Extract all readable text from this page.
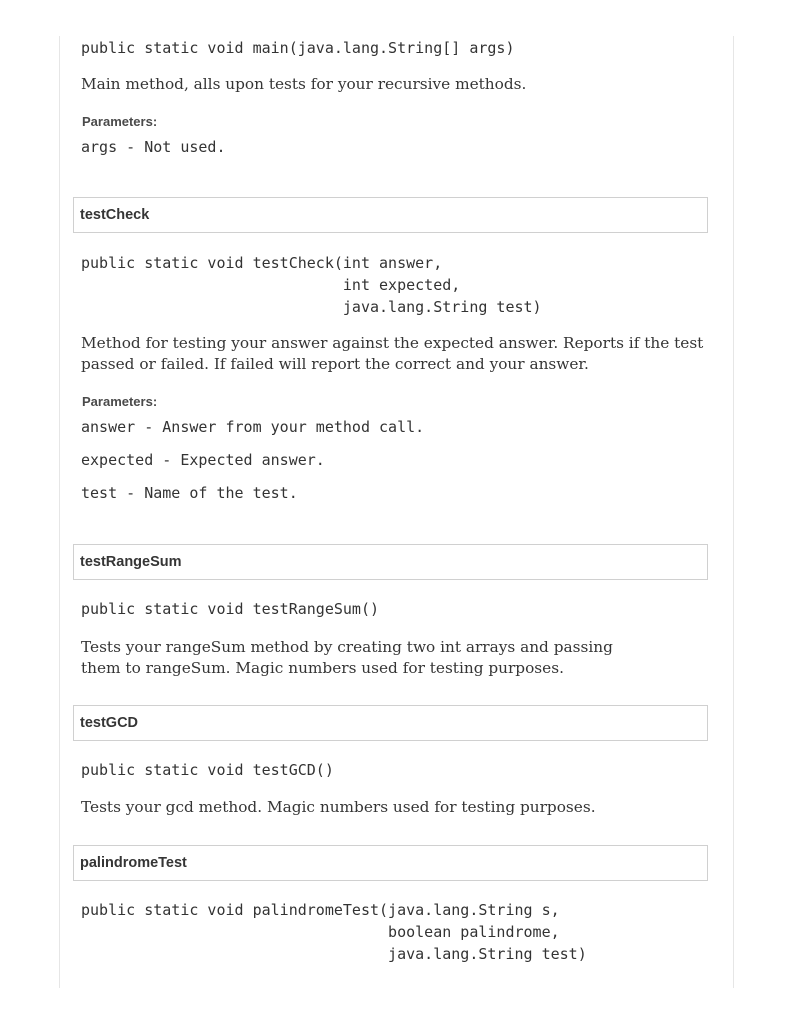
public static void main(java.lang.String[] args)

Main method, alls upon tests for your recursive methods.

Parameters:

args - Not used.
testCheck
public static void testCheck(int answer,
int expected,
java.lang.String test)

Method for testing your answer against the expected answer. Reports if the test passed or failed. If failed will report the correct and your answer.

Parameters:

answer - Answer from your method call.
expected - Expected answer.
test - Name of the test.
testRangeSum
public static void testRangeSum()

Tests your rangeSum method by creating two int arrays and passing them to rangeSum. Magic numbers used for testing purposes.

testGCD
public static void testGCD()

Tests your gcd method. Magic numbers used for testing purposes.

palindromeTest
public static void palindromeTest(java.lang.String s,
boolean palindrome,
java.lang.String test)
